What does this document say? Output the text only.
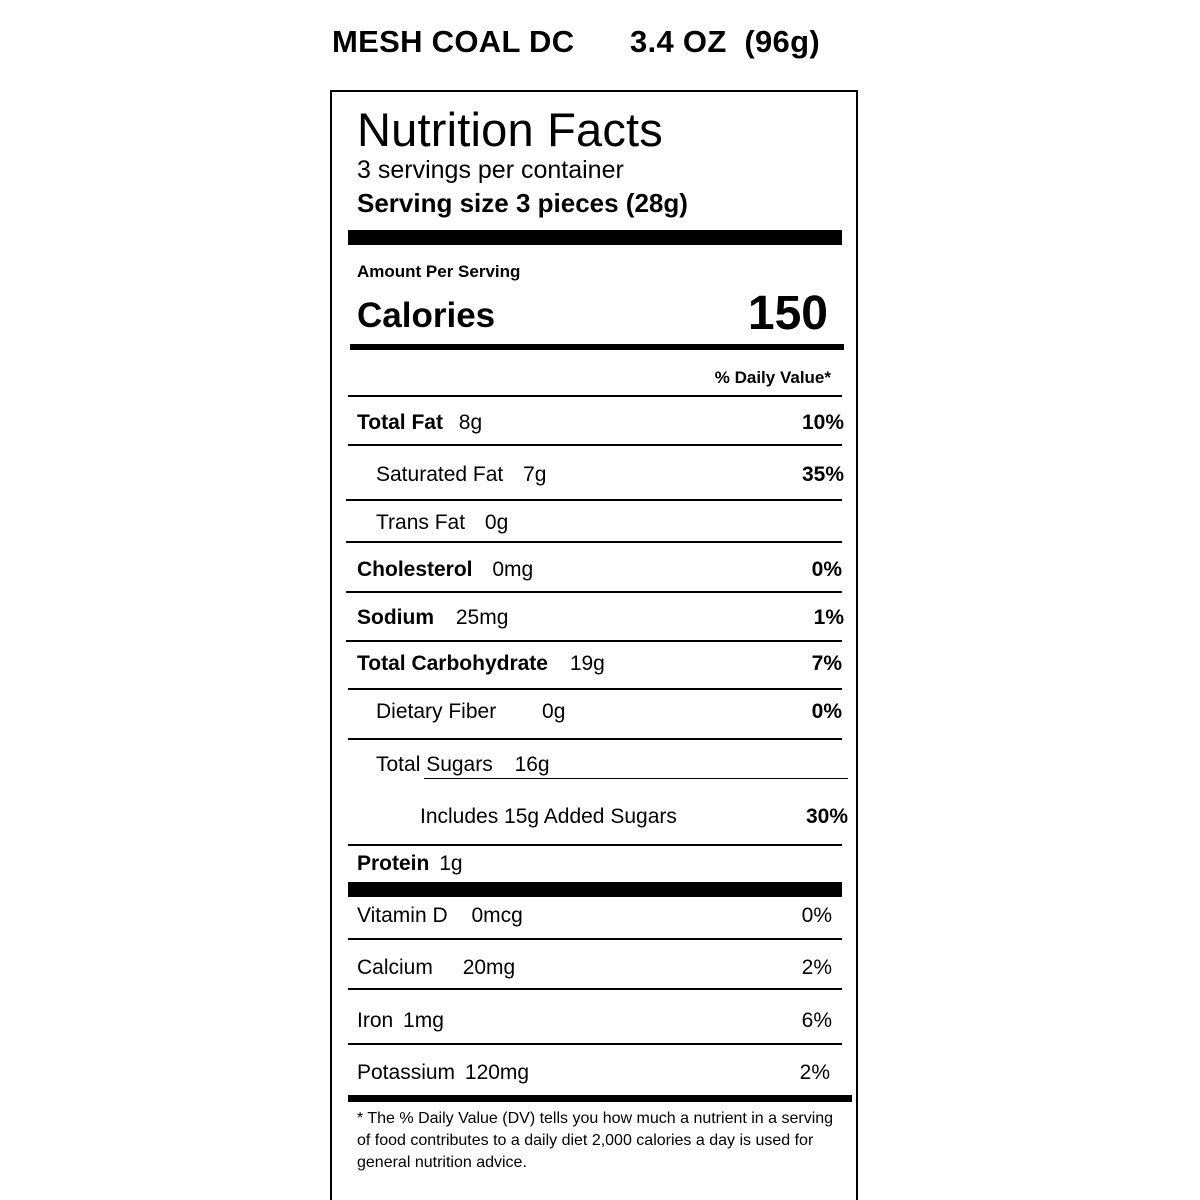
MESH COAL DC 3.4 OZ  (96g)
Nutrition Facts
3 servings per container
Serving size 3 pieces (28g)
Amount Per Serving
Calories	150
% Daily Value*
Total Fat 8g	10%
Saturated Fat 7g	35%
Trans Fat 0g
Cholesterol 0mg	0%
Sodium 25mg	1%
Total Carbohydrate 19g	7%
Dietary Fiber 0g	0%
Total Sugars 16g
Includes 15g Added Sugars	30%
Protein 1g
Vitamin D 0mcg	0%
Calcium 20mg	2%
Iron 1mg	6%
Potassium 120mg	2%
* The % Daily Value (DV) tells you how much a nutrient in a serving of food contributes to a daily diet 2,000 calories a day is used for general nutrition advice.
